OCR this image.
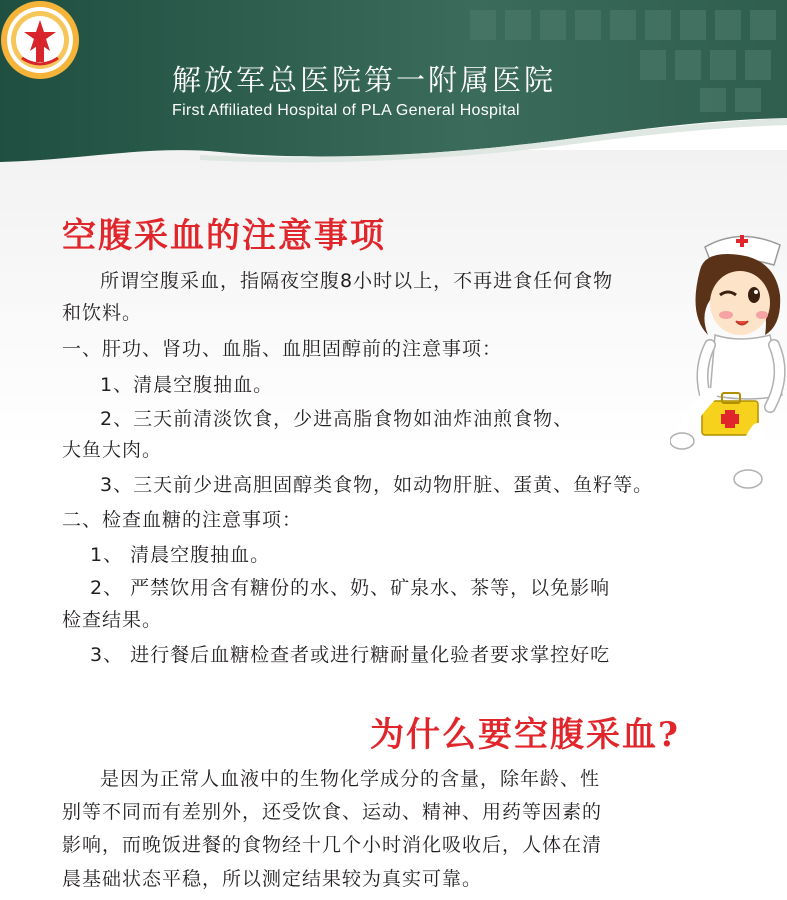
解放军总医院第一附属医院
First Affiliated Hospital of PLA General Hospital
空腹采血的注意事项
所谓空腹采血，指隔夜空腹8小时以上，不再进食任何食物
和饮料。
一、肝功、肾功、血脂、血胆固醇前的注意事项：
1、清晨空腹抽血。
2、三天前清淡饮食，少进高脂食物如油炸油煎食物、
大鱼大肉。
3、三天前少进高胆固醇类食物，如动物肝脏、蛋黄、鱼籽等。
二、检查血糖的注意事项：
1、 清晨空腹抽血。
2、 严禁饮用含有糖份的水、奶、矿泉水、茶等，以免影响
检查结果。
3、 进行餐后血糖检查者或进行糖耐量化验者要求掌控好吃
为什么要空腹采血?
是因为正常人血液中的生物化学成分的含量，除年龄、性
别等不同而有差别外，还受饮食、运动、精神、用药等因素的
影响，而晚饭进餐的食物经十几个小时消化吸收后，人体在清
晨基础状态平稳，所以测定结果较为真实可靠。
